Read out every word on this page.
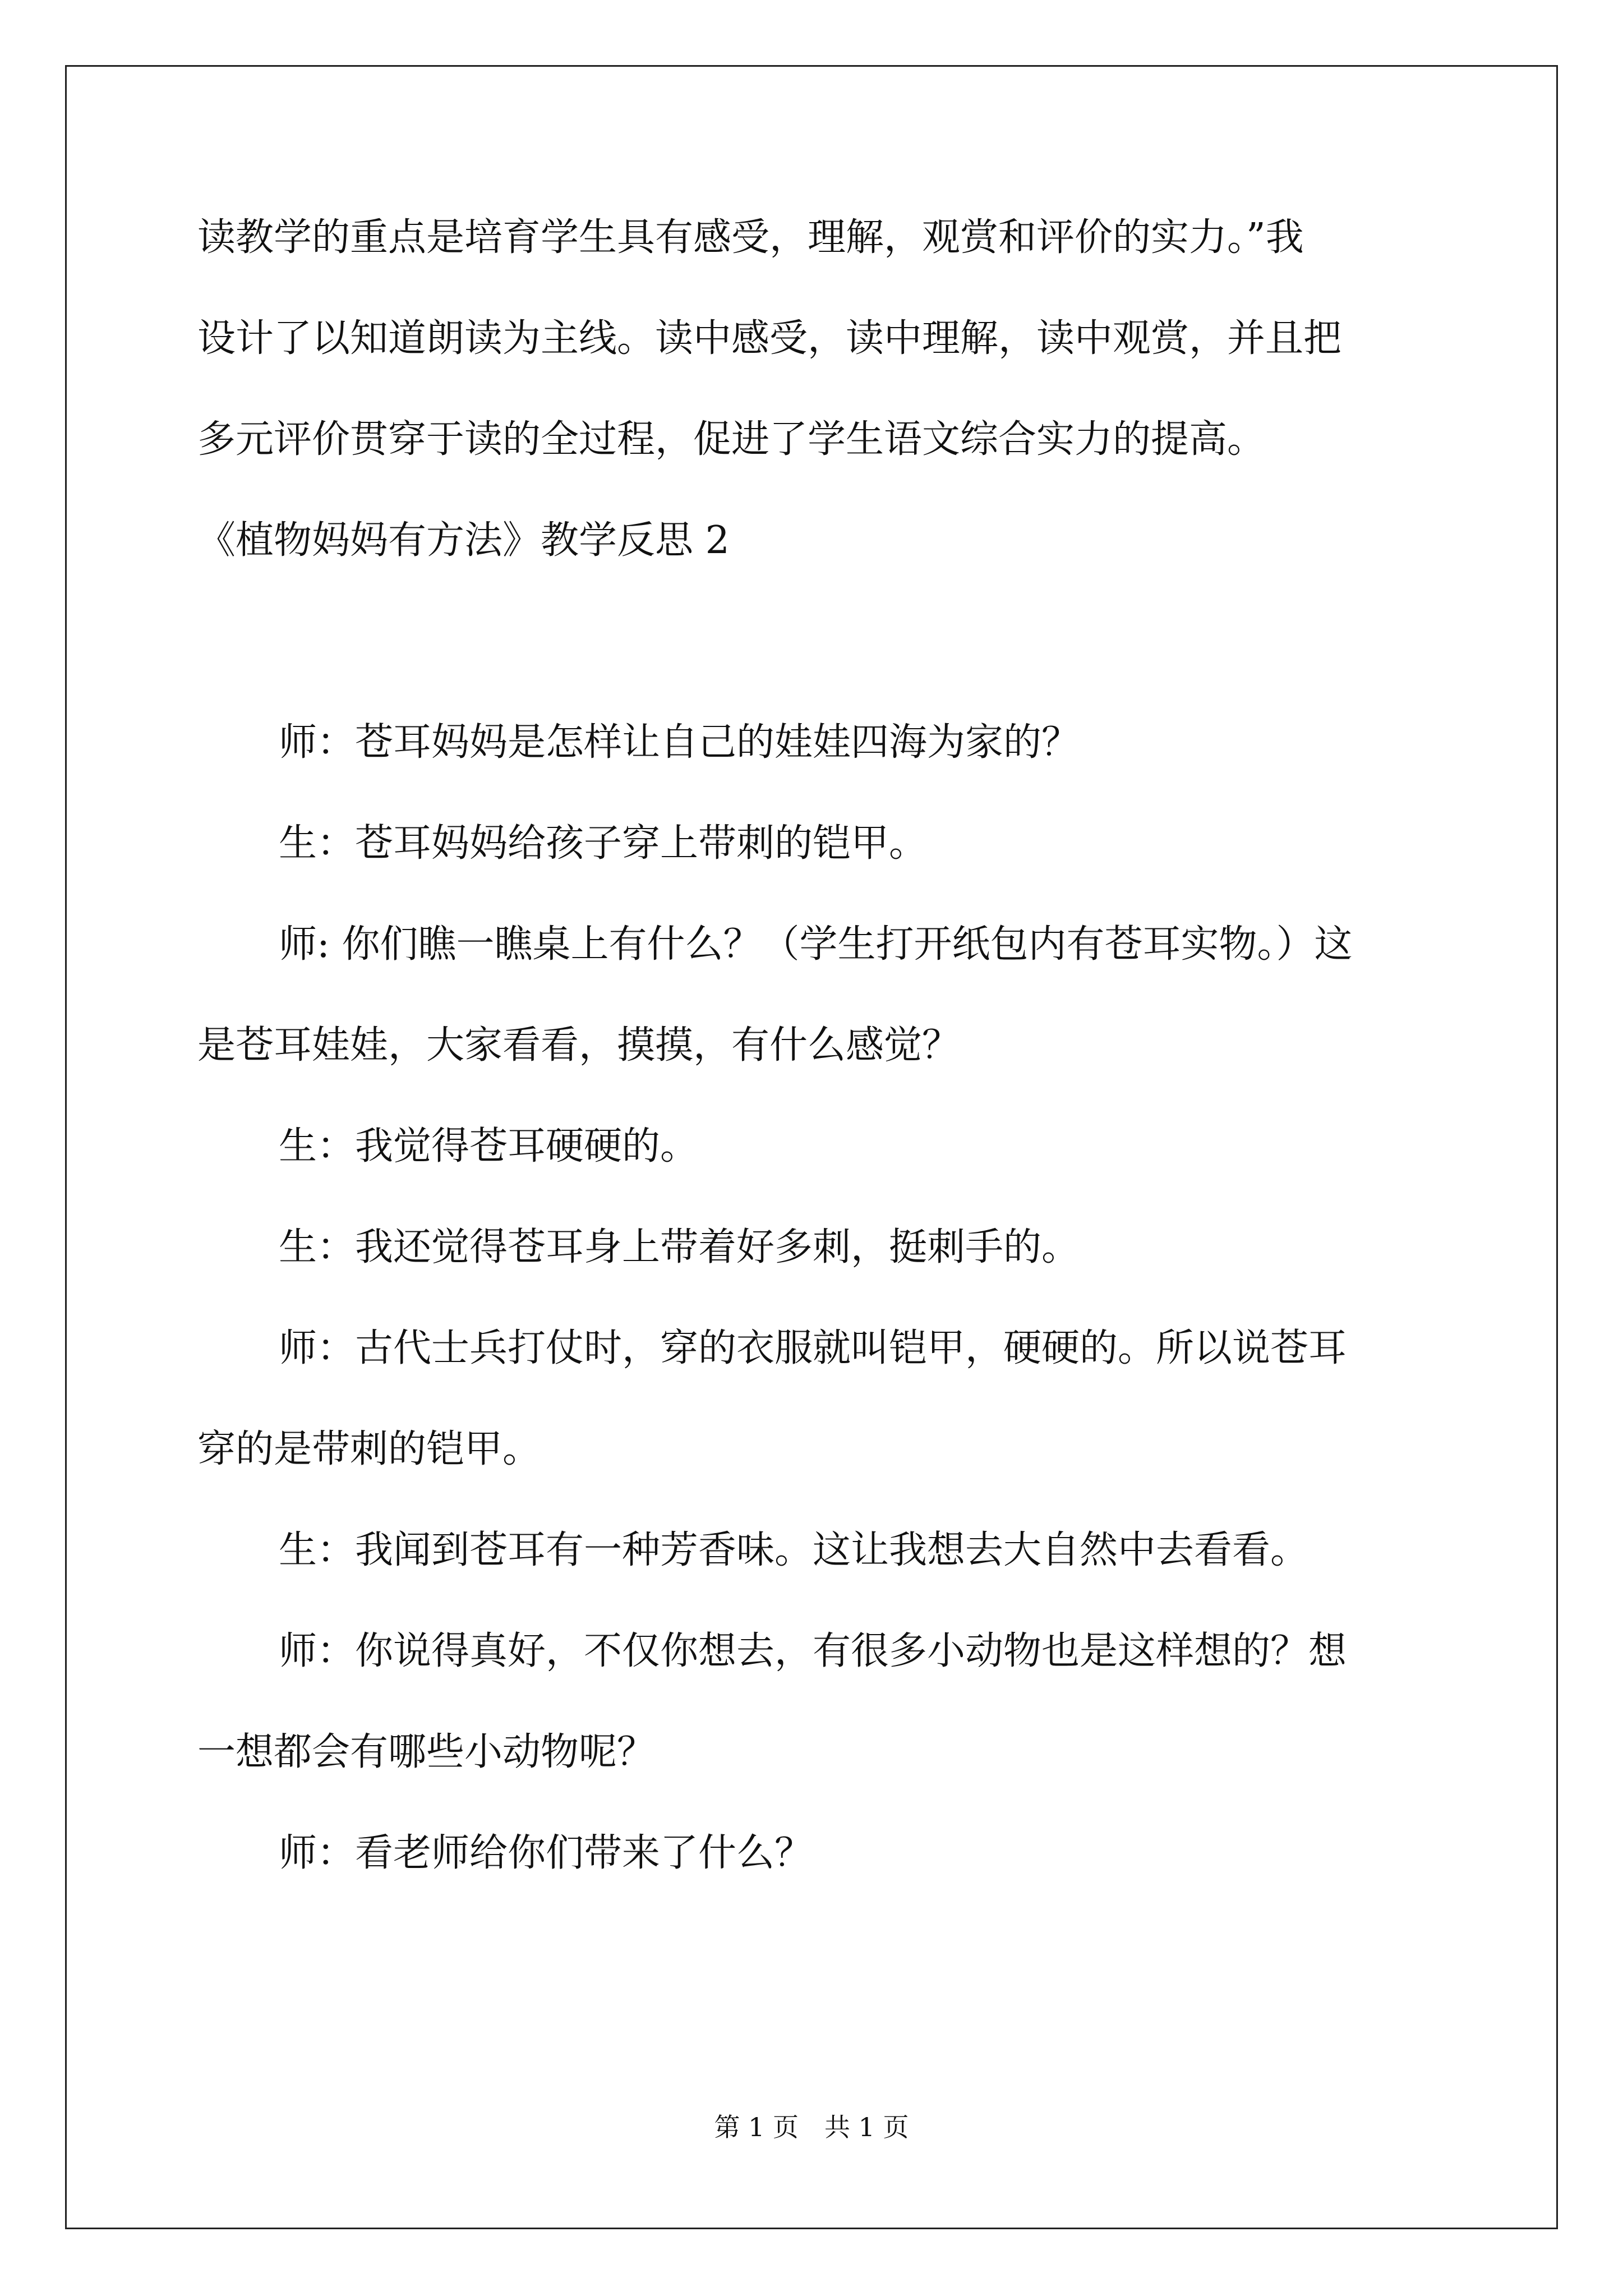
读教学的重点是培育学生具有感受，理解，观赏和评价的实力。”我
设计了以知道朗读为主线。读中感受，读中理解，读中观赏，并且把
多元评价贯穿于读的全过程，促进了学生语文综合实力的提高。
《植物妈妈有方法》教学反思 2
师：苍耳妈妈是怎样让自己的娃娃四海为家的？
生：苍耳妈妈给孩子穿上带刺的铠甲。
师: 你们瞧一瞧桌上有什么？（学生打开纸包内有苍耳实物。）这
是苍耳娃娃，大家看看，摸摸，有什么感觉？
生：我觉得苍耳硬硬的。
生：我还觉得苍耳身上带着好多刺，挺刺手的。
师：古代士兵打仗时，穿的衣服就叫铠甲，硬硬的。所以说苍耳
穿的是带刺的铠甲。
生：我闻到苍耳有一种芳香味。这让我想去大自然中去看看。
师：你说得真好，不仅你想去，有很多小动物也是这样想的？想
一想都会有哪些小动物呢？
师：看老师给你们带来了什么？
第 1 页　共 1 页
